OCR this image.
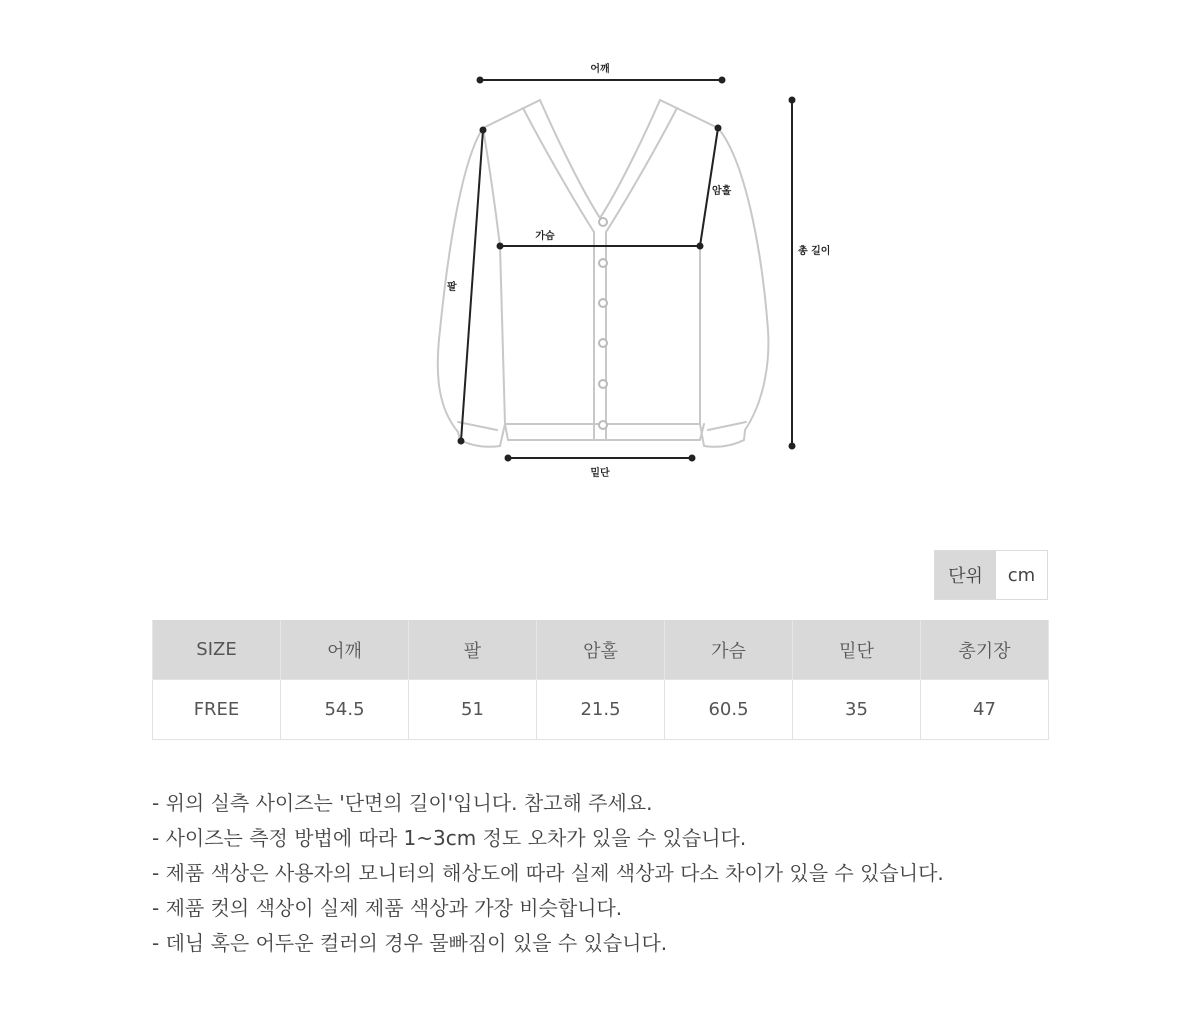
어깨
암홀
가슴
팔
밑단
총 길이
단위	cm
SIZE	어깨	팔	암홀	가슴	밑단	총기장
FREE	54.5	51	21.5	60.5	35	47
- 위의 실측 사이즈는 '단면의 길이'입니다. 참고해 주세요.
- 사이즈는 측정 방법에 따라 1~3cm 정도 오차가 있을 수 있습니다.
- 제품 색상은 사용자의 모니터의 해상도에 따라 실제 색상과 다소 차이가 있을 수 있습니다.
- 제품 컷의 색상이 실제 제품 색상과 가장 비슷합니다.
- 데님 혹은 어두운 컬러의 경우 물빠짐이 있을 수 있습니다.
